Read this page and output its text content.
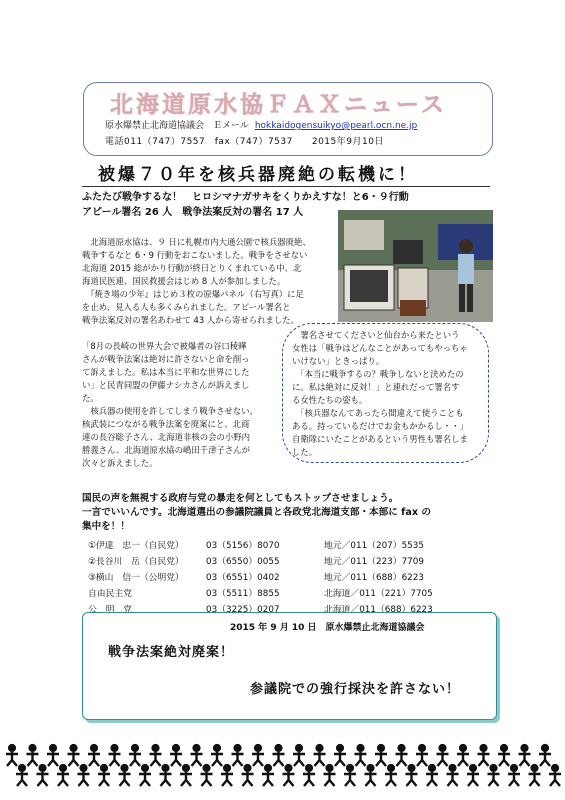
北海道原水協ＦＡＸニュース
原水爆禁止北海道協議会　Ｅメール hokkaidogensuikyo@pearl.ocn.ne.jp
電話011（747）7557　fax（747）7537　　2015年9月10日
被爆７０年を核兵器廃絶の転機に！
ふたたび戦争するな！　ヒロシマナガサキをくりかえすな！と6・９行動
アピール署名 26 人　戦争法案反対の署名 17 人
　北海道原水協は、９ 日に札幌市内大通公園で核兵器廃絶、
戦争するなと 6・9 行動をおこないました。戦争をさせない
北海道 2015 総がかり行動が終日とりくまれている中、北
海道民医連、国民救援会はじめ 8 人が参加しました。
　『焼き場の少年』はじめ３枚の原爆パネル（右写真）に足
を止め、見入る人も多くみられました。アピール署名と
戦争法案反対の署名あわせて 43 人から寄せられました。
「8月の長崎の世界大会で被爆者の谷口稜曄
さんが戦争法案は絶対に許さないと命を削っ
て訴えました。私は本当に平和な世界にした
い」と民青同盟の伊藤ナシカさんが訴えまし
た。
　核兵器の使用を許してしまう戦争させない、
核武装につながる戦争法案を廃案にと、北商
連の長谷聡子さん、北海道非核の会の小野内
勝義さん、北海道原水協の嶋田千津子さんが
次々と訴えました。
　署名させてくださいと仙台から来たという
女性は「戦争はどんなことがあってもやっちゃ
いけない」ときっぱり。
　「本当に戦争するの？戦争しないと決めたの
に。私は絶対に反対！」と連れだって署名す
る女性たちの姿も。
　「核兵器なんてあったら間違えて使うことも
ある。持っているだけでお金もかかるし・・」
自衛隊にいたことがあるという男性も署名しま
した。
国民の声を無視する政府与党の暴走を何としてもストップさせましょう。
一言でいいんです。北海道選出の参議院議員と各政党北海道支部・本部に fax の
集中を！！
①伊達　忠一（自民党）	03（5156）8070	地元／011（207）5535
②長谷川　岳（自民党）	03（6550）0055	地元／011（223）7709
③横山　信一（公明党）	03（6551）0402	地元／011（688）6223
自由民主党	03（5511）8855	北海道／011（221）7705
公　明　党	03（3225）0207	北海道／011（688）6223
2015 年 9 月 10 日　原水爆禁止北海道協議会
戦争法案絶対廃案！
参議院での強行採決を許さない！
